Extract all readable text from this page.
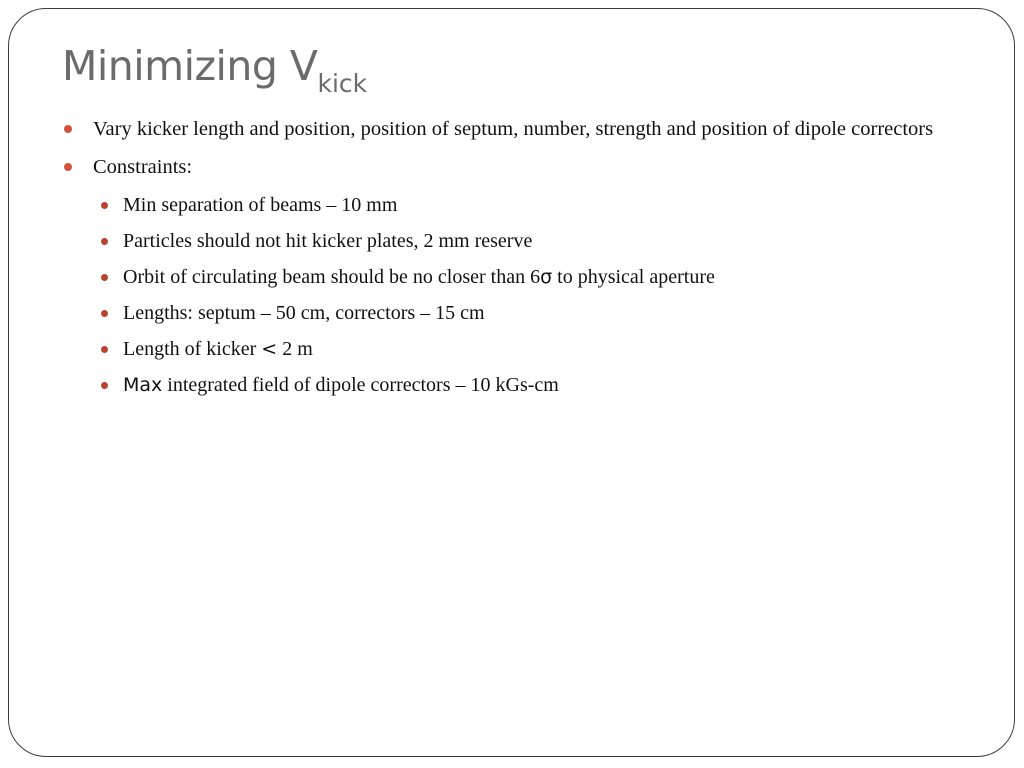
Minimizing $V_{kick}$
Vary kicker length and position, position of septum, number, strength and position of dipole correctors
Constraints:
Min separation of beams – 10 mm
Particles should not hit kicker plates, 2 mm reserve
Orbit of circulating beam should be no closer than 6σ to physical aperture
Lengths: septum – 50 cm, correctors – 15 cm
Length of kicker < 2 m
Max integrated field of dipole correctors – 10 kGs-cm
